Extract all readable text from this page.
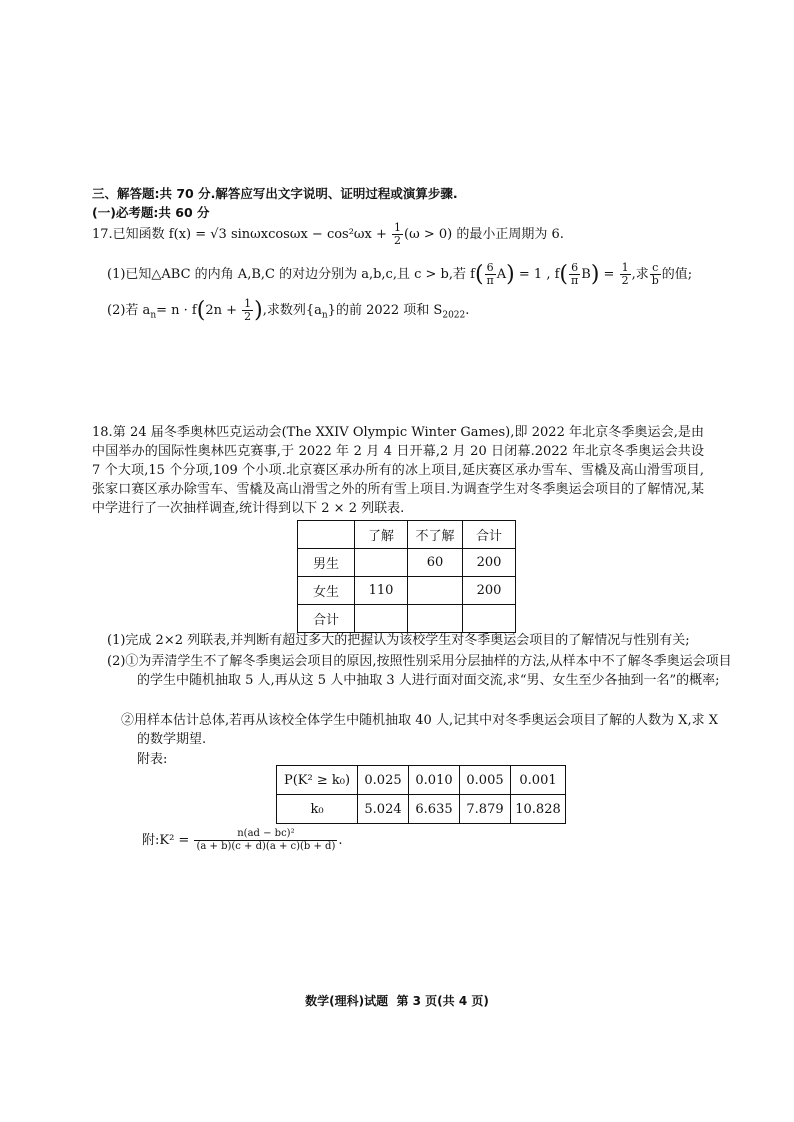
三、解答题:共 70 分.解答应写出文字说明、证明过程或演算步骤.
(一)必考题:共 60 分
17.已知函数 f(x) = √3 $\sin\omega xcos\omega x - \cos^2\omega x + \frac{1}{2} (\omega > 0)$ 的最小正周期为 6.
(1)已知△ABC 的内角 A,B,C 的对边分别为 a,b,c,且 c > b,若 $f( \frac{6}{\pi} A) = 1$ , $f( \frac{6}{\pi} B) = \frac{1}{2}$ ,求 $\frac{c}{b}$ 的值;
(2)若 $a_n= n \cdot f(2n + \frac{1}{2}$ ),求数列$\{a_n\}$的前 2022 项和 $S_{2022}$.
18.第 24 届冬季奥林匹克运动会(The XXIV Olympic Winter Games),即 2022 年北京冬季奥运会,是由中国举办的国际性奥林匹克赛事,于 2022 年 2 月 4 日开幕,2 月 20 日闭幕.2022 年北京冬季奥运会共设 7 个大项,15 个分项,109 个小项.北京赛区承办所有的冰上项目,延庆赛区承办雪车、雪橇及高山滑雪项目,张家口赛区承办除雪车、雪橇及高山滑雪之外的所有雪上项目.为调查学生对冬季奥运会项目的了解情况,某中学进行了一次抽样调查,统计得到以下 2 × 2 列联表.
	了解	不了解	合计
男生		60	200
女生	110		200
合计			
(1)完成 2×2 列联表,并判断有超过多大的把握认为该校学生对冬季奥运会项目的了解情况与性别有关;
(2)①为弄清学生不了解冬季奥运会项目的原因,按照性别采用分层抽样的方法,从样本中不了解冬季奥运会项目的学生中随机抽取 5 人,再从这 5 人中抽取 3 人进行面对面交流,求“男、女生至少各抽到一名”的概率;
②用样本估计总体,若再从该校全体学生中随机抽取 40 人,记其中对冬季奥运会项目了解的人数为 X,求 X 的数学期望.
附表:
P(K² ≥ k₀)	0.025	0.010	0.005	0.001
k₀	5.024	6.635	7.879	10.828
附:K² = $\frac{\text{n(ad − bc)²}}{(a + b)(c + d)(a + c)(b + d)}$ .
数学(理科)试题  第 3 页(共 4 页)
